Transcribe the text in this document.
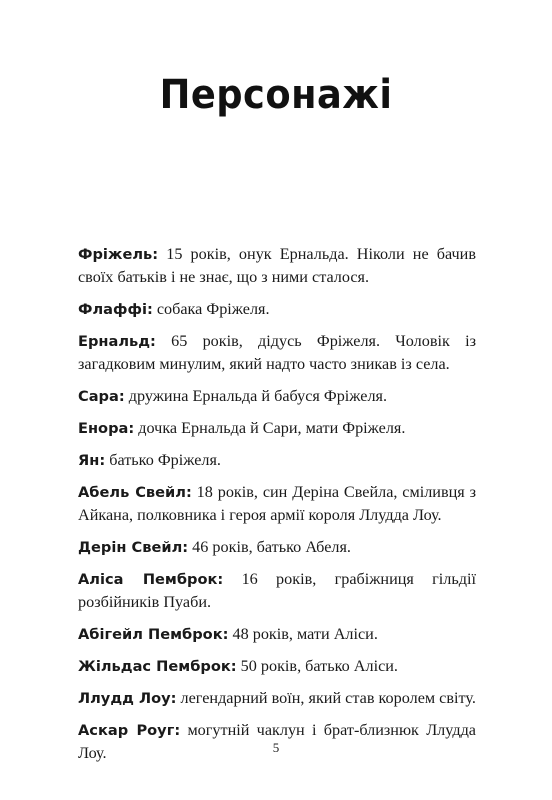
Персонажі
Фріжель: 15 років, онук Ернальда. Ніколи не бачив своїх батьків і не знає, що з ними сталося.
Флаффі: собака Фріжеля.
Ернальд: 65 років, дідусь Фріжеля. Чоловік із загадковим минулим, який надто часто зникав із села.
Сара: дружина Ернальда й бабуся Фріжеля.
Енора: дочка Ернальда й Сари, мати Фріжеля.
Ян: батько Фріжеля.
Абель Свейл: 18 років, син Деріна Свейла, сміливця з Айкана, полковника і героя армії короля Ллудда Лоу.
Дерін Свейл: 46 років, батько Абеля.
Аліса Пемброк: 16 років, грабіжниця гільдії розбійників Пуаби.
Абігейл Пемброк: 48 років, мати Аліси.
Жільдас Пемброк: 50 років, батько Аліси.
Ллудд Лоу: легендарний воїн, який став королем світу.
Аскар Роуг: могутній чаклун і брат-близнюк Ллудда Лоу.	5
